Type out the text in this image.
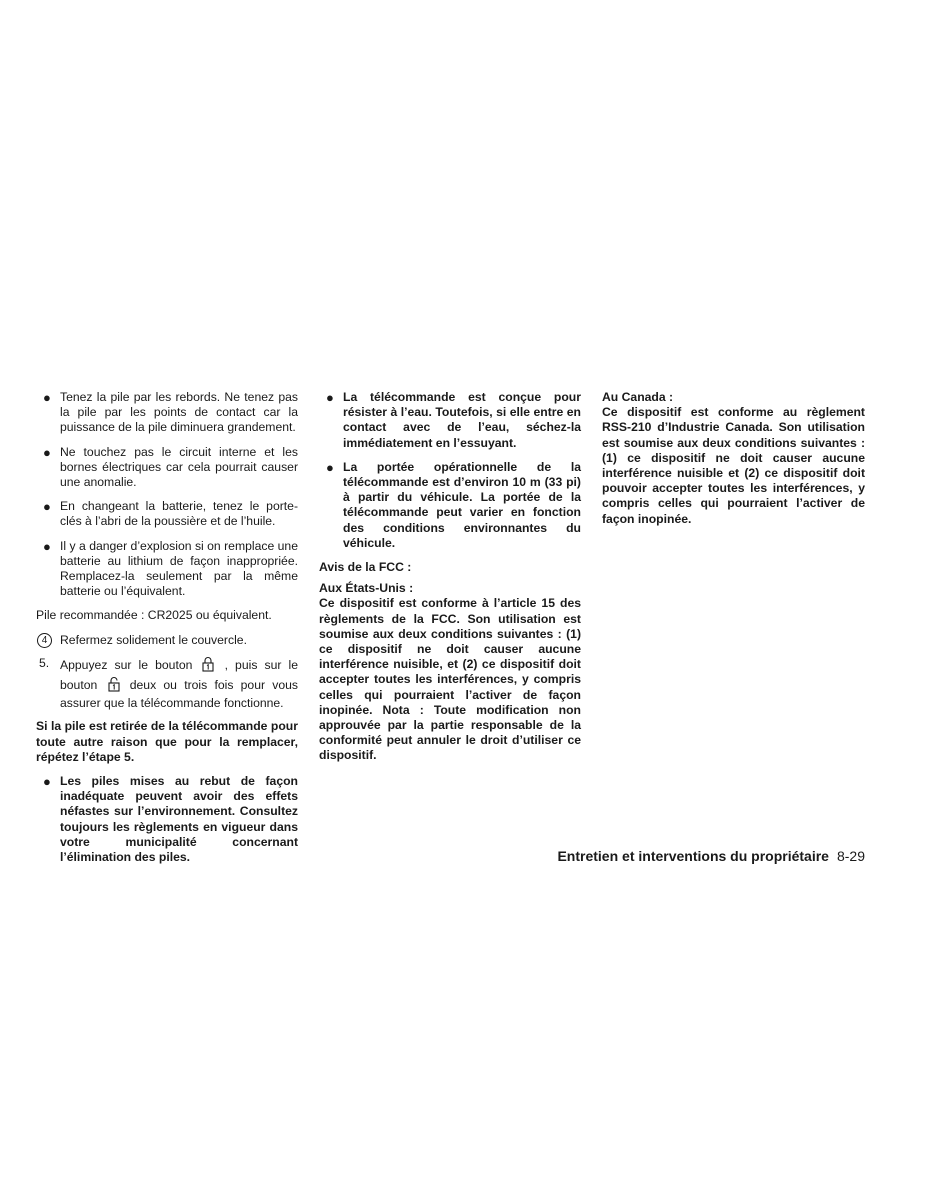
● Tenez la pile par les rebords. Ne tenez pas la pile par les points de contact car la puissance de la pile diminuera grandement.
● Ne touchez pas le circuit interne et les bornes électriques car cela pourrait causer une anomalie.
● En changeant la batterie, tenez le porte-clés à l’abri de la poussière et de l’huile.
● Il y a danger d’explosion si on remplace une batterie au lithium de façon inappropriée. Remplacez-la seulement par la même batterie ou l’équivalent.
Pile recommandée : CR2025 ou équivalent.
4	Refermez solidement le couvercle.
5. Appuyez sur le bouton	, puis sur le bouton	deux ou trois fois pour vous assurer que la télécommande fonctionne.
Si la pile est retirée de la télécommande pour toute autre raison que pour la remplacer, répétez l’étape 5.
● Les piles mises au rebut de façon inadéquate peuvent avoir des effets néfastes sur l’environnement. Consultez toujours les règlements en vigueur dans votre municipalité concernant l’élimination des piles.
● La télécommande est conçue pour résister à l’eau. Toutefois, si elle entre en contact avec de l’eau, séchez-la immédiatement en l’essuyant.
● La portée opérationnelle de la télécommande est d’environ 10 m (33 pi) à partir du véhicule. La portée de la télécommande peut varier en fonction des conditions environnantes du véhicule.
Avis de la FCC :
Aux États-Unis :
Ce dispositif est conforme à l’article 15 des règlements de la FCC. Son utilisation est soumise aux deux conditions suivantes : (1) ce dispositif ne doit causer aucune interférence nuisible, et (2) ce dispositif doit accepter toutes les interférences, y compris celles qui pourraient l’activer de façon inopinée. Nota : Toute modification non approuvée par la partie responsable de la conformité peut annuler le droit d’utiliser ce dispositif.
Au Canada :
Ce dispositif est conforme au règlement RSS-210 d’Industrie Canada. Son utilisation est soumise aux deux conditions suivantes : (1) ce dispositif ne doit causer aucune interférence nuisible et (2) ce dispositif doit pouvoir accepter toutes les interférences, y compris celles qui pourraient l’activer de façon inopinée.
Entretien et interventions du propriétaire 8-29
